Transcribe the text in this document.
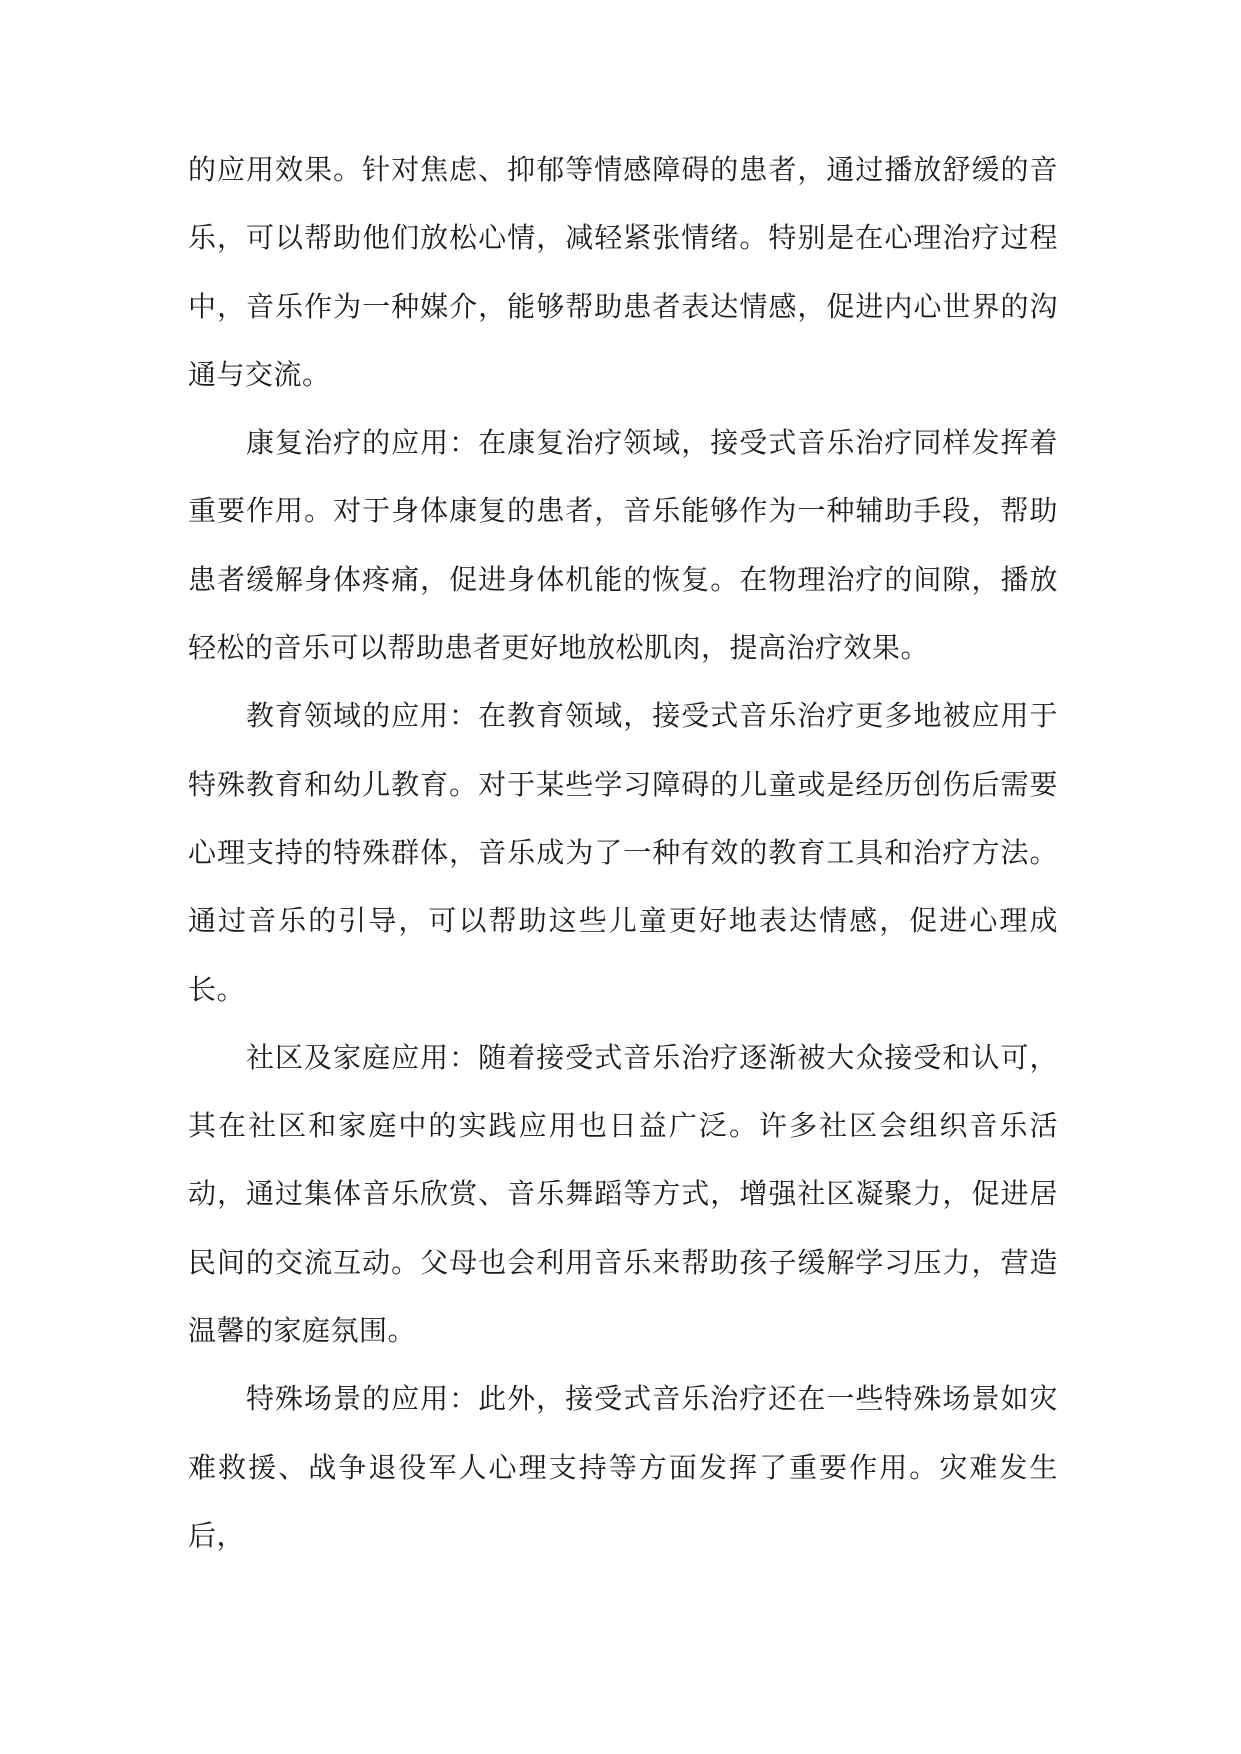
的应用效果。针对焦虑、抑郁等情感障碍的患者，通过播放舒缓的音乐，可以帮助他们放松心情，减轻紧张情绪。特别是在心理治疗过程中，音乐作为一种媒介，能够帮助患者表达情感，促进内心世界的沟通与交流。

康复治疗的应用：在康复治疗领域，接受式音乐治疗同样发挥着重要作用。对于身体康复的患者，音乐能够作为一种辅助手段，帮助患者缓解身体疼痛，促进身体机能的恢复。在物理治疗的间隙，播放轻松的音乐可以帮助患者更好地放松肌肉，提高治疗效果。

教育领域的应用：在教育领域，接受式音乐治疗更多地被应用于特殊教育和幼儿教育。对于某些学习障碍的儿童或是经历创伤后需要心理支持的特殊群体，音乐成为了一种有效的教育工具和治疗方法。通过音乐的引导，可以帮助这些儿童更好地表达情感，促进心理成长。

社区及家庭应用：随着接受式音乐治疗逐渐被大众接受和认可，其在社区和家庭中的实践应用也日益广泛。许多社区会组织音乐活动，通过集体音乐欣赏、音乐舞蹈等方式，增强社区凝聚力，促进居民间的交流互动。父母也会利用音乐来帮助孩子缓解学习压力，营造温馨的家庭氛围。

特殊场景的应用：此外，接受式音乐治疗还在一些特殊场景如灾难救援、战争退役军人心理支持等方面发挥了重要作用。灾难发生后，
